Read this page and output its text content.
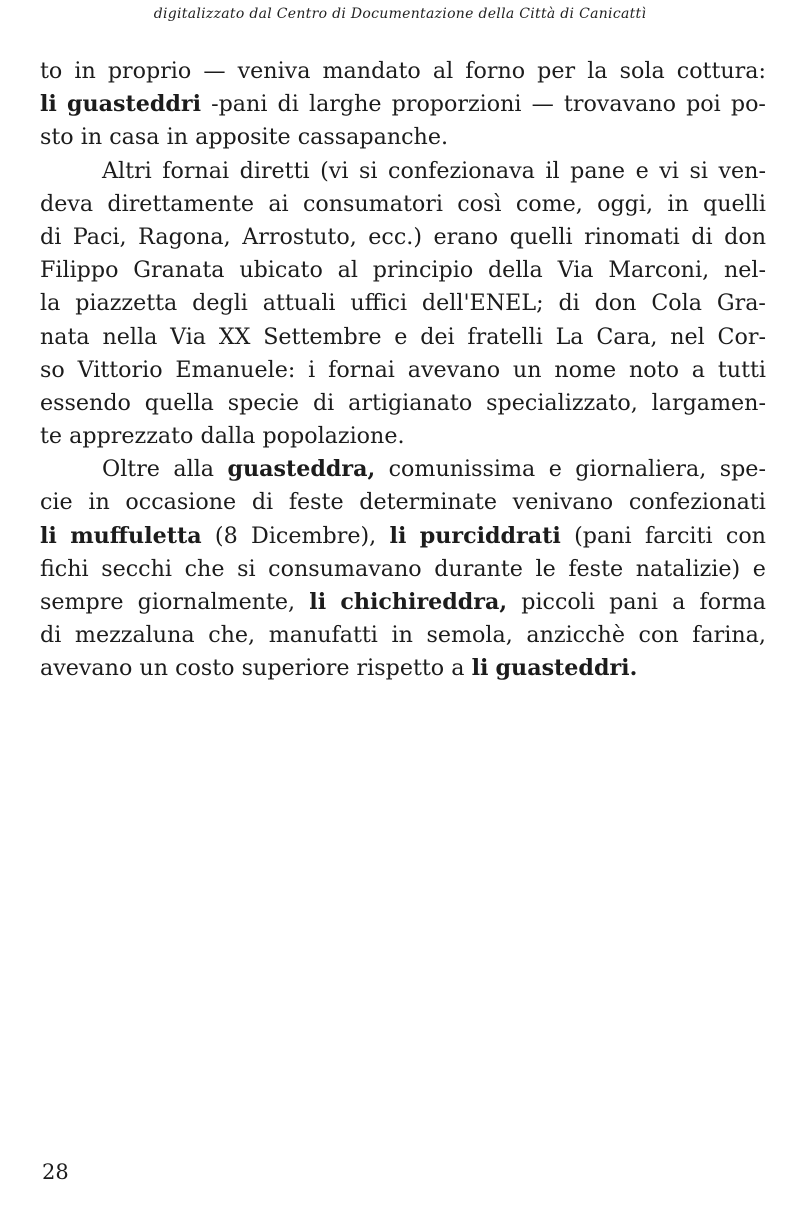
digitalizzato dal Centro di Documentazione della Città di Canicattì
to in proprio — veniva mandato al forno per la sola cottura:
li guasteddri -pani di larghe proporzioni — trovavano poi po-
sto in casa in apposite cassapanche.
Altri fornai diretti (vi si confezionava il pane e vi si ven-
deva direttamente ai consumatori così come, oggi, in quelli
di Paci, Ragona, Arrostuto, ecc.) erano quelli rinomati di don
Filippo Granata ubicato al principio della Via Marconi, nel-
la piazzetta degli attuali uffici dell'ENEL; di don Cola Gra-
nata nella Via XX Settembre e dei fratelli La Cara, nel Cor-
so Vittorio Emanuele: i fornai avevano un nome noto a tutti
essendo quella specie di artigianato specializzato, largamen-
te apprezzato dalla popolazione.
Oltre alla guasteddra, comunissima e giornaliera, spe-
cie in occasione di feste determinate venivano confezionati
li muffuletta (8 Dicembre), li purciddrati (pani farciti con
fichi secchi che si consumavano durante le feste natalizie) e
sempre giornalmente, li chichireddra, piccoli pani a forma
di mezzaluna che, manufatti in semola, anzicchè con farina,
avevano un costo superiore rispetto a li guasteddri.
28
